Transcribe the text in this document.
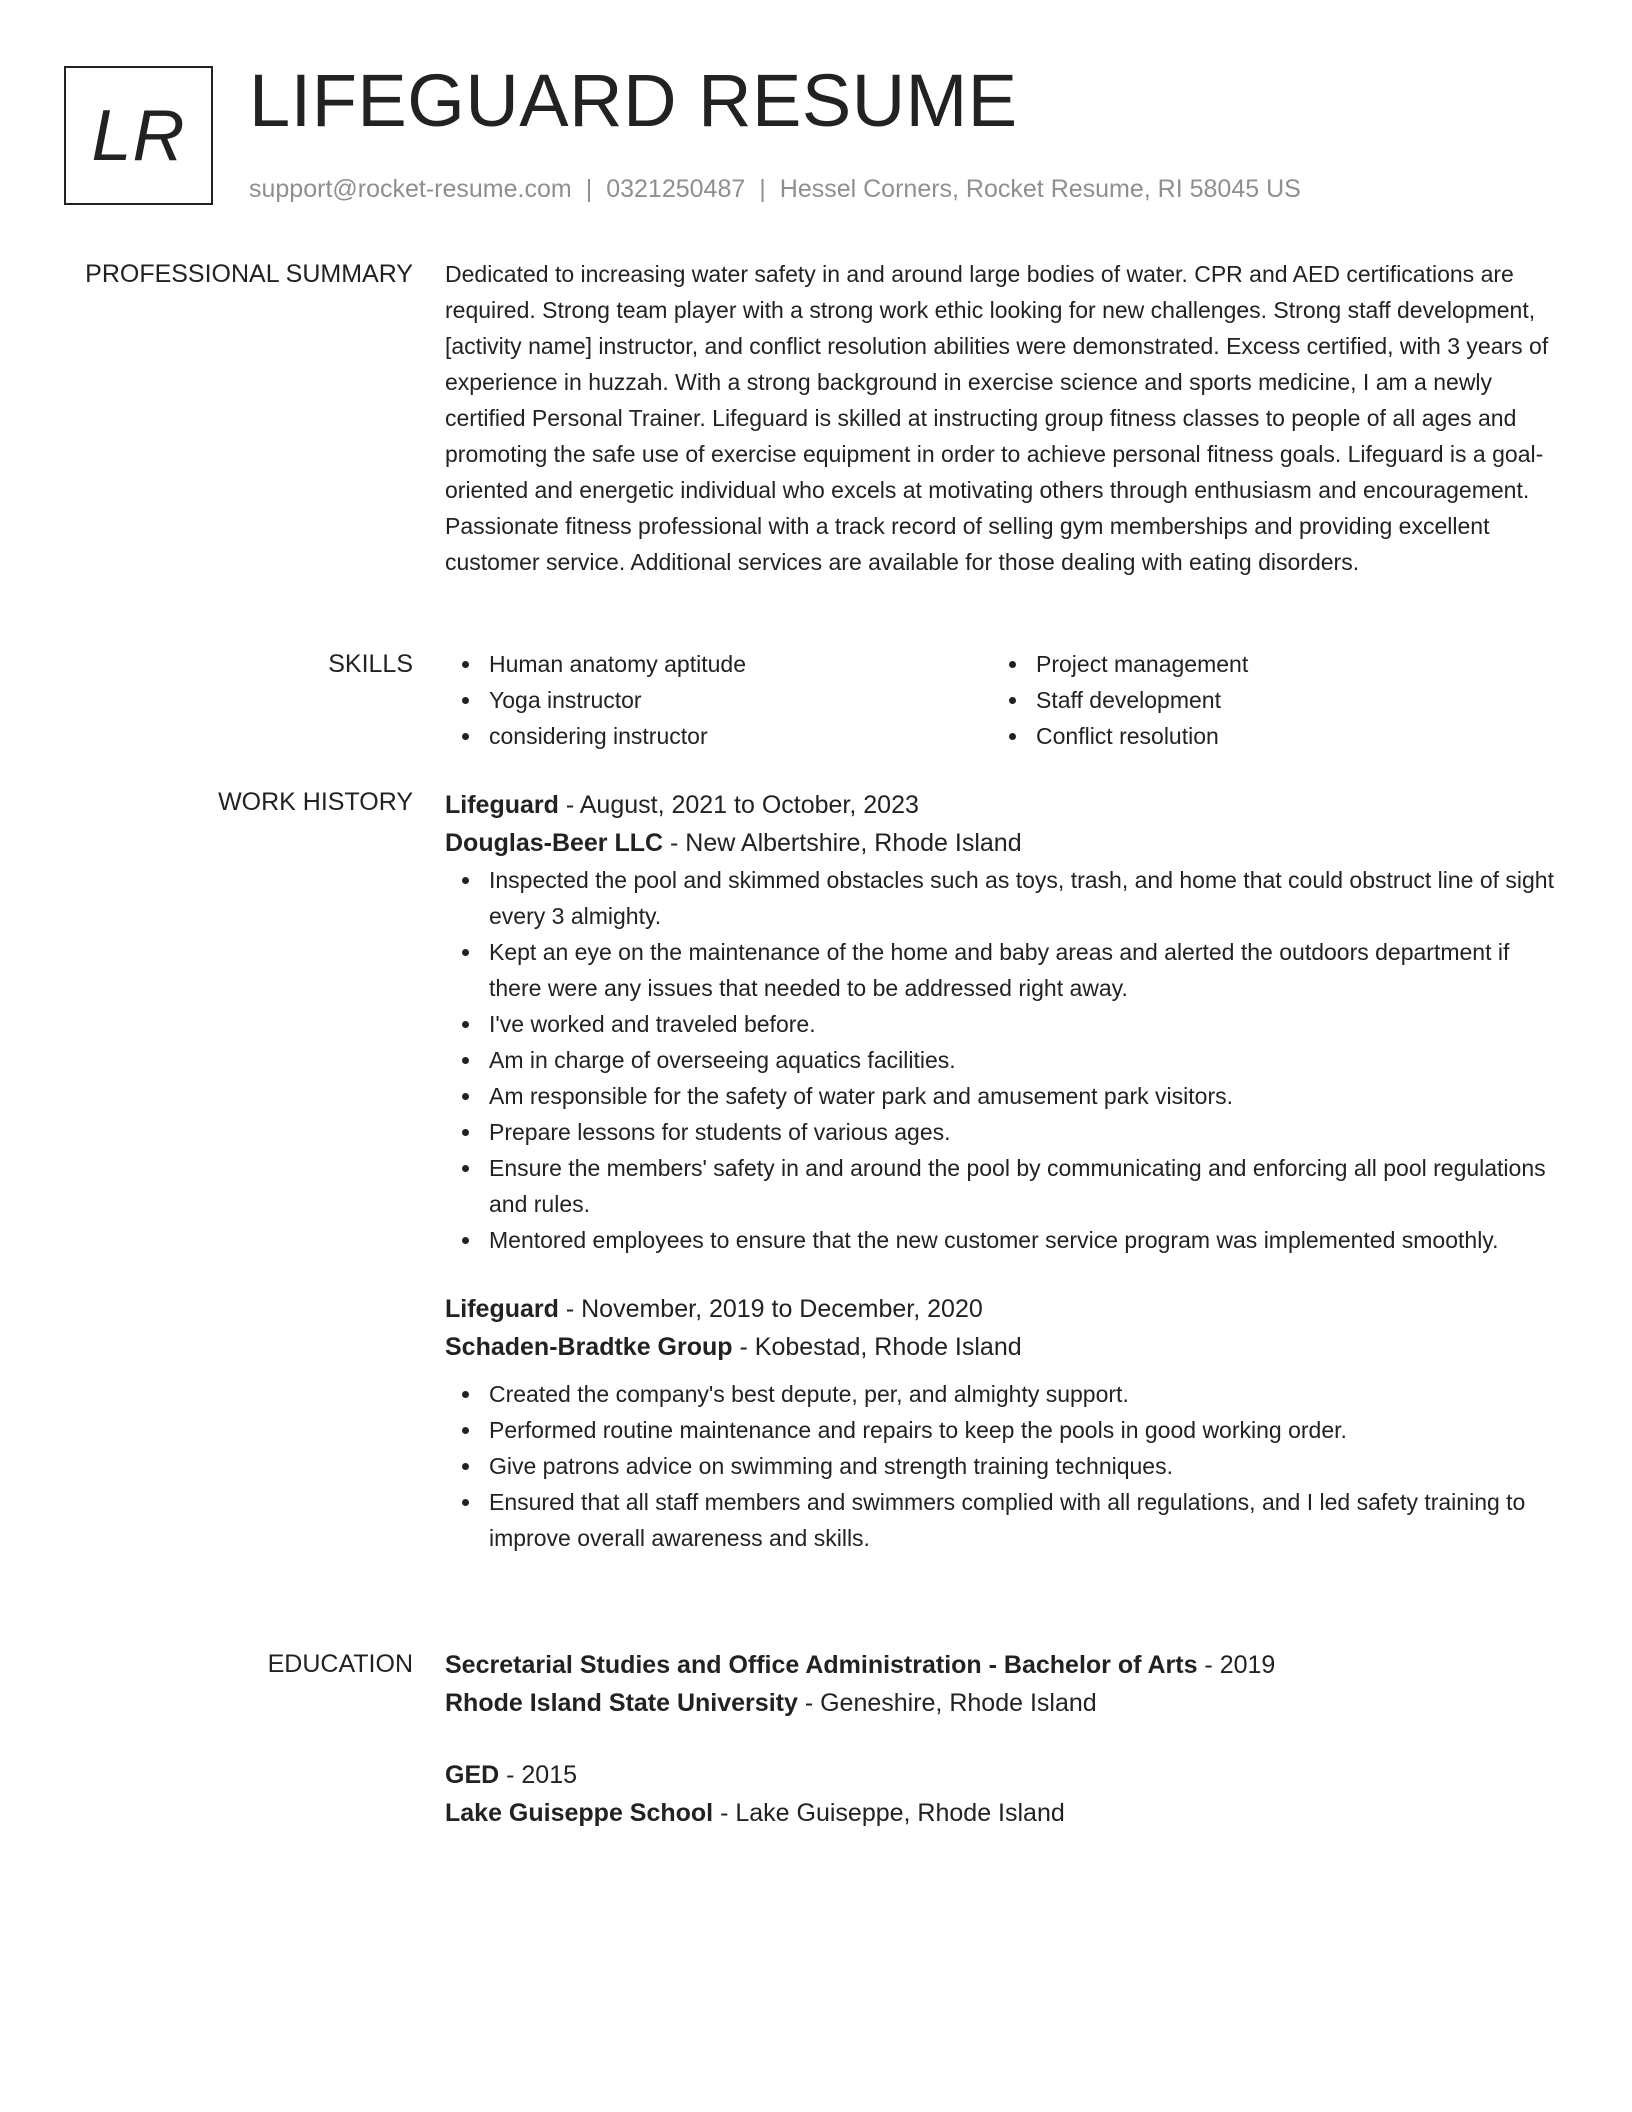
LR LIFEGUARD RESUME
support@rocket-resume.com | 0321250487 | Hessel Corners, Rocket Resume, RI 58045 US
PROFESSIONAL SUMMARY Dedicated to increasing water safety in and around large bodies of water. CPR and AED certifications are required. Strong team player with a strong work ethic looking for new challenges. Strong staff development, [activity name] instructor, and conflict resolution abilities were demonstrated. Excess certified, with 3 years of experience in huzzah. With a strong background in exercise science and sports medicine, I am a newly certified Personal Trainer. Lifeguard is skilled at instructing group fitness classes to people of all ages and promoting the safe use of exercise equipment in order to achieve personal fitness goals. Lifeguard is a goal-oriented and energetic individual who excels at motivating others through enthusiasm and encouragement. Passionate fitness professional with a track record of selling gym memberships and providing excellent customer service. Additional services are available for those dealing with eating disorders.

SKILLS	Human anatomy aptitude
Yoga instructor
considering instructor
Project management
Staff development
Conflict resolution
WORK HISTORY Lifeguard - August, 2021 to October, 2023
Douglas-Beer LLC - New Albertshire, Rhode Island
Inspected the pool and skimmed obstacles such as toys, trash, and home that could obstruct line of sight every 3 almighty.
Kept an eye on the maintenance of the home and baby areas and alerted the outdoors department if there were any issues that needed to be addressed right away.
I've worked and traveled before.
Am in charge of overseeing aquatics facilities.
Am responsible for the safety of water park and amusement park visitors.
Prepare lessons for students of various ages.
Ensure the members' safety in and around the pool by communicating and enforcing all pool regulations and rules.
Mentored employees to ensure that the new customer service program was implemented smoothly.
Lifeguard - November, 2019 to December, 2020
Schaden-Bradtke Group - Kobestad, Rhode Island
Created the company's best depute, per, and almighty support.
Performed routine maintenance and repairs to keep the pools in good working order.
Give patrons advice on swimming and strength training techniques.
Ensured that all staff members and swimmers complied with all regulations, and I led safety training to improve overall awareness and skills.
EDUCATION Secretarial Studies and Office Administration - Bachelor of Arts - 2019
Rhode Island State University - Geneshire, Rhode Island
GED - 2015
Lake Guiseppe School - Lake Guiseppe, Rhode Island
